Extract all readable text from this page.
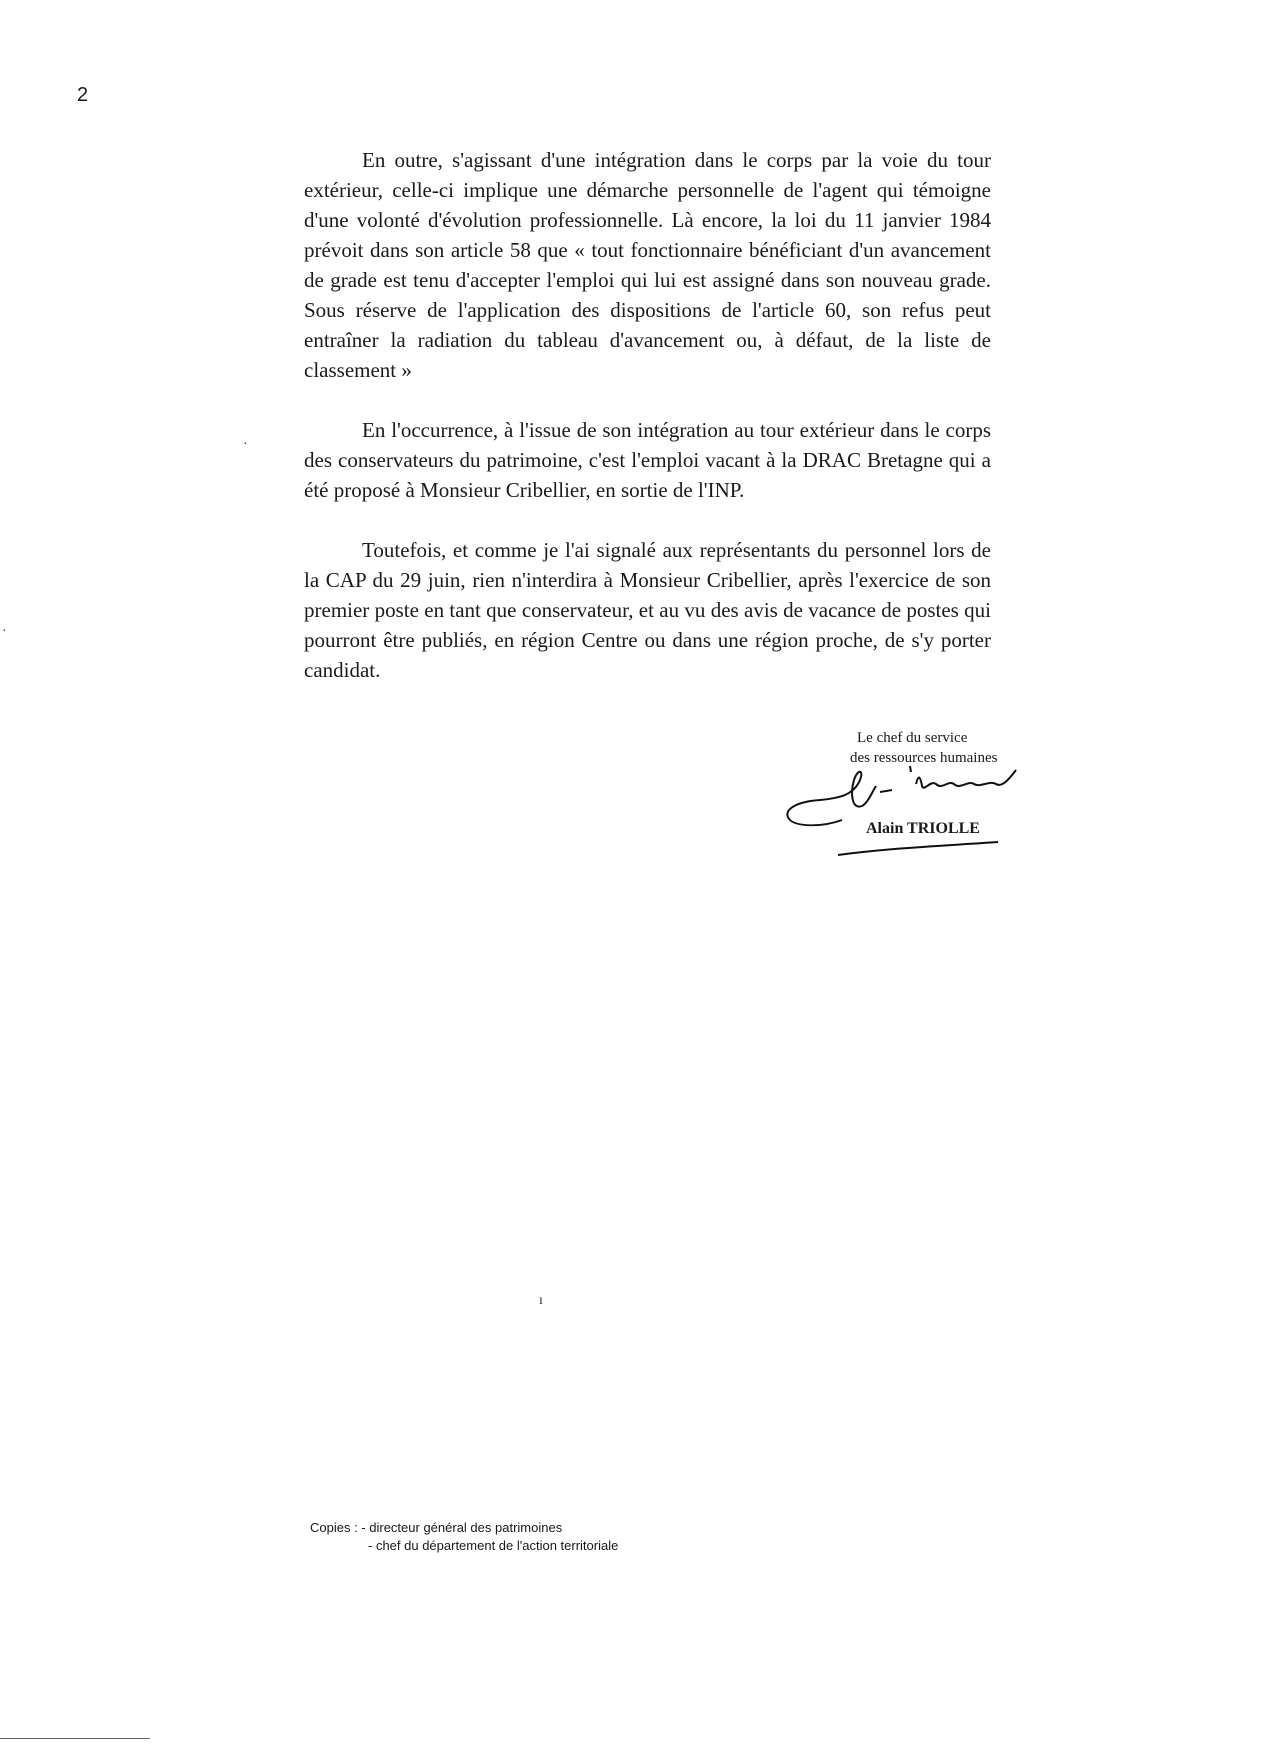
2

En outre, s'agissant d'une intégration dans le corps par la voie du tour extérieur, celle-ci implique une démarche personnelle de l'agent qui témoigne d'une volonté d'évolution professionnelle. Là encore, la loi du 11 janvier 1984 prévoit dans son article 58 que « tout fonctionnaire bénéficiant d'un avancement de grade est tenu d'accepter l'emploi qui lui est assigné dans son nouveau grade. Sous réserve de l'application des dispositions de l'article 60, son refus peut entraîner la radiation du tableau d'avancement ou, à défaut, de la liste de classement »

En l'occurrence, à l'issue de son intégration au tour extérieur dans le corps des conservateurs du patrimoine, c'est l'emploi vacant à la DRAC Bretagne qui a été proposé à Monsieur Cribellier, en sortie de l'INP.

Toutefois, et comme je l'ai signalé aux représentants du personnel lors de la CAP du 29 juin, rien n'interdira à Monsieur Cribellier, après l'exercice de son premier poste en tant que conservateur, et au vu des avis de vacance de postes qui pourront être publiés, en région Centre ou dans une région proche, de s'y porter candidat.

·
·
ı
Le chef du service
des ressources humaines
Alain TRIOLLE
Copies : - directeur général des patrimoines
- chef du département de l'action territoriale
